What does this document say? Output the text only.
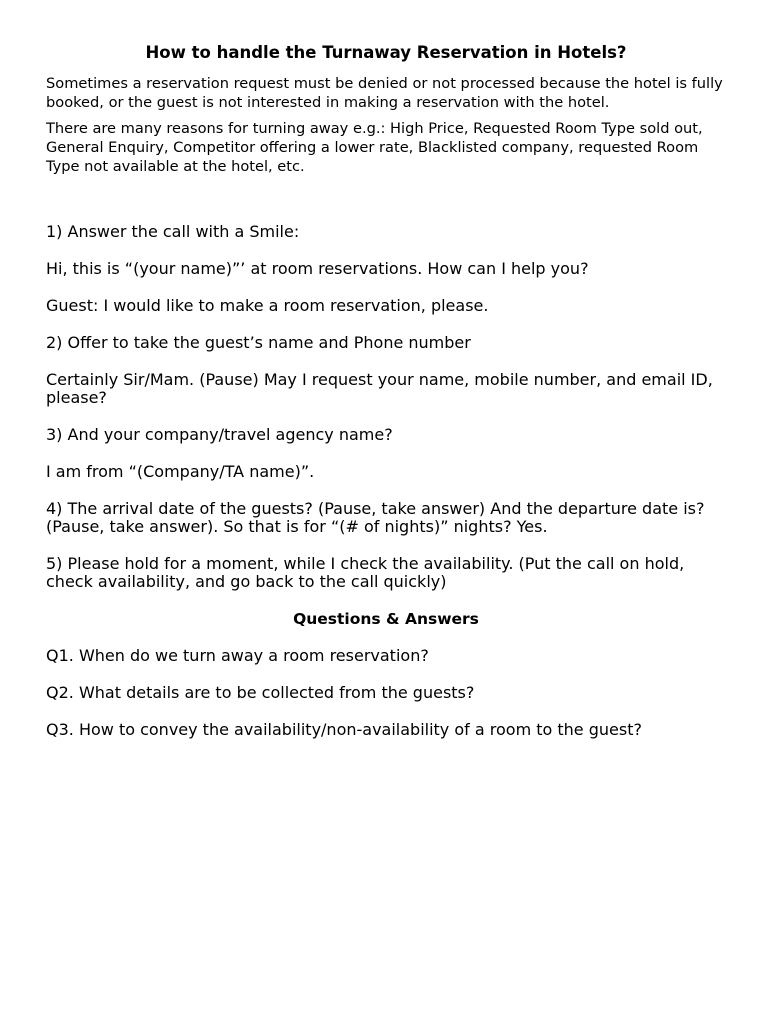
How to handle the Turnaway Reservation in Hotels?

Sometimes a reservation request must be denied or not processed because the hotel is fully booked, or the guest is not interested in making a reservation with the hotel.

There are many reasons for turning away e.g.: High Price, Requested Room Type sold out, General Enquiry, Competitor offering a lower rate, Blacklisted company, requested Room Type not available at the hotel, etc.

1) Answer the call with a Smile:

Hi, this is “(your name)”’ at room reservations. How can I help you?

Guest: I would like to make a room reservation, please.

2) Offer to take the guest’s name and Phone number

Certainly Sir/Mam. (Pause) May I request your name, mobile number, and email ID, please?

3) And your company/travel agency name?

I am from “(Company/TA name)”.

4) The arrival date of the guests? (Pause, take answer) And the departure date is? (Pause, take answer). So that is for “(# of nights)” nights? Yes.

5) Please hold for a moment, while I check the availability. (Put the call on hold, check availability, and go back to the call quickly)

Questions & Answers

Q1. When do we turn away a room reservation?

Q2. What details are to be collected from the guests?

Q3. How to convey the availability/non-availability of a room to the guest?
